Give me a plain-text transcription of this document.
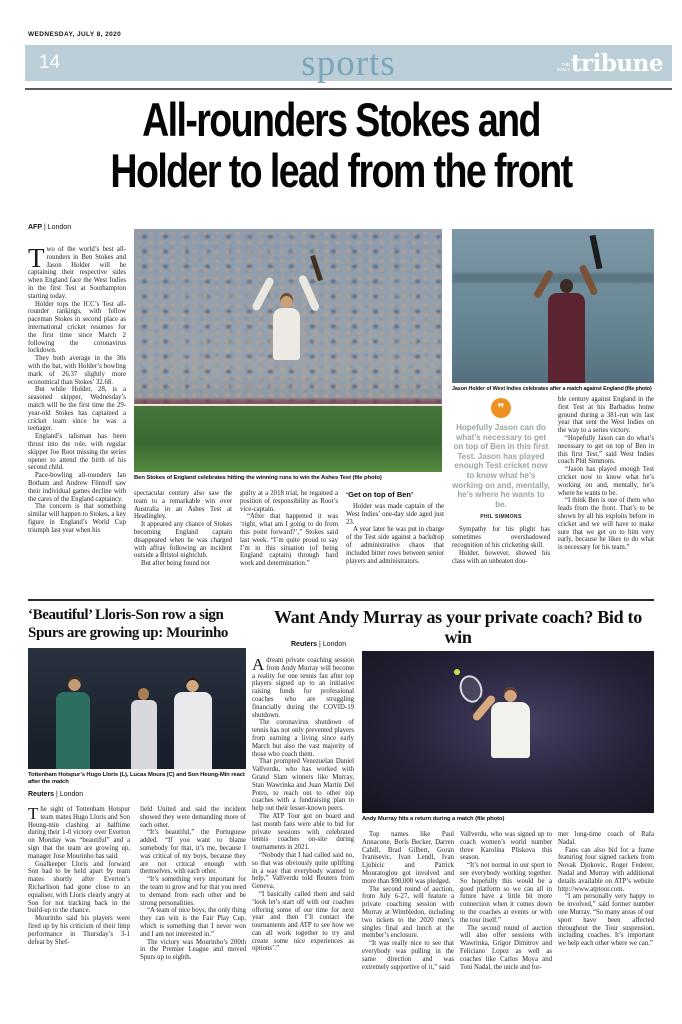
WEDNESDAY, JULY 8, 2020
14	sports	THE
DAILY tribune
All-rounders Stokes and
Holder to lead from the front
AFP | London

Two of the world’s best all-rounders in Ben Stokes and Jason Holder will be captaining their respective sides when England face the West Indies in the first Test at Southampton starting today.

Holder tops the ICC’s Test all-rounder rankings, with fellow paceman Stokes in second place as international cricket resumes for the first time since March 2 following the coronavirus lockdown.

They both average in the 30s with the bat, with Holder’s bowling mark of 26.37 slightly more economical than Stokes’ 32.68.

But while Holder, 28, is a seasoned skipper, Wednesday’s match will be the first time the 29-year-old Stokes has captained a cricket team since he was a teenager.

England’s talisman has been thrust into the role, with regular skipper Joe Root missing the series opener to attend the birth of his second child.

Pace-bowling all-rounders Ian Botham and Andrew Flintoff saw their individual games decline with the cares of the England captaincy.

The concern is that something similar will happen to Stokes, a key figure in England’s World Cup triumph last year when his

Ben Stokes of England celebrates hitting the winning runs to win the Ashes Test (file photo)

spectacular century also saw the team to a remarkable win over Australia in an Ashes Test at Headingley.

It appeared any chance of Stokes becoming England captain disappeared when he was charged with affray following an incident outside a Bristol nightclub.

But after being found not

guilty at a 2018 trial, he regained a position of responsibility as Root’s vice-captain.

“After that happened it was ‘right, what am I going to do from this point forward?’,” Stokes said last week. “I’m quite proud to say I’m in this situation (of being England captain) through hard work and determination.”

‘Get on top of Ben’

Holder was made captain of the West Indies’ one-day side aged just 23.

A year later he was put in charge of the Test side against a backdrop of administrative chaos that included bitter rows between senior players and administrators.

Jason Holder of West Indies celebrates after a match against England (file photo)
❞
Hopefully Jason can do what’s necessary to get on top of Ben in this first Test. Jason has played enough Test cricket now to know what he’s working on and, mentally, he’s where he wants to be.
PHIL SIMMONS

Sympathy for his plight has sometimes overshadowed recognition of his cricketing skill.

Holder, however, showed his class with an unbeaten dou-

ble century against England in the first Test at his Barbados home ground during a 381-run win last year that sent the West Indies on the way to a series victory.

“Hopefully Jason can do what’s necessary to get on top of Ben in this first Test,” said West Indies coach Phil Simmons.

“Jason has played enough Test cricket now to know what he’s working on and, mentally, he’s where he wants to be.

“I think Ben is one of them who leads from the front. That’s to be shown by all his exploits before in cricket and we will have to make sure that we get on to him very early, because he likes to do what is necessary for his team.”

‘Beautiful’ Lloris-Son row a sign Spurs are growing up: Mourinho
Tottenham Hotspur’s Hugo Lloris (L), Lucas Moura (C) and Son Heung-Min react after the match
Reuters | London

The sight of Tottenham Hotspur team mates Hugo Lloris and Son Heung-min clashing at halftime during their 1-0 victory over Everton on Monday was “beautiful” and a sign that the team are growing up, manager Jose Mourinho has said.

Goalkeeper Lloris and forward Son had to be held apart by team mates shortly after Everton’s Richarlison had gone close to an equaliser, with Lloris clearly angry at Son for not tracking back in the build-up to the chance.

Mourinho said his players were fired up by his criticism of their limp performance in Thursday’s 3-1 defeat by Shef-

field United and said the incident showed they were demanding more of each other.

“It’s beautiful,” the Portuguese added. “If you want to blame somebody for that, it’s me, because I was critical of my boys, because they are not critical enough with themselves, with each other.

“It’s something very important for the team to grow and for that you need to demand from each other and be strong personalities.

“A team of nice boys, the only thing they can win is the Fair Play Cup, which is something that I never won and I am not interested in.”

The victory was Mourinho’s 200th in the Premier League and moved Spurs up to eighth.

Want Andy Murray as your private coach? Bid to win
Reuters | London

Adream private coaching session from Andy Murray will become a reality for one tennis fan after top players signed up to an initiative raising funds for professional coaches who are struggling financially during the COVID-19 shutdown.

The coronavirus shutdown of tennis has not only prevented players from earning a living since early March but also the vast majority of those who coach them.

That prompted Venezuelan Daniel Vallverdu, who has worked with Grand Slam winners like Murray, Stan Wawrinka and Juan Martin Del Potro, to reach out to other top coaches with a fundraising plan to help out their lesser-known peers.

The ATP Tour got on board and last month fans were able to bid for private sessions with celebrated tennis coaches on-site during tournaments in 2021.

“Nobody that I had called said no, so that was obviously quite uplifting in a way that everybody wanted to help,” Vallverdu told Reuters from Geneva.

“I basically called them and said ‘look let’s start off with our coaches offering some of our time for next year and then I’ll contact the tournaments and ATP to see how we can all work together to try and create some nice experiences as options’.”

Andy Murray hits a return during a match (file photo)

Top names like Paul Annacone, Boris Becker, Darren Cahill, Brad Gilbert, Goran Ivanisevic, Ivan Lendl, Ivan Ljubicic and Patrick Mouratoglou got involved and more than $90,000 was pledged.

The second round of auction, from July 6-27, will feature a private coaching session with Murray at Wimbledon, including two tickets to the 2020 men’s singles final and lunch at the member’s enclosure.

“It was really nice to see that everybody was pulling in the same direction and was extremely supportive of it,” said

Vallverdu, who was signed up to coach women’s world number three Karolina Pliskova this season.

“It’s not normal in our sport to see everybody working together. So hopefully this would be a good platform so we can all in future have a little bit more connection when it comes down to the coaches at events or with the tour itself.”

The second round of auction will also offer sessions with Wawrinka, Grigor Dimitrov and Feliciano Lopez as well as coaches like Carlos Moya and Toni Nadal, the uncle and for-

mer long-time coach of Rafa Nadal.

Fans can also bid for a frame featuring four signed rackets from Novak Djokovic, Roger Federer, Nadal and Murray with additional details available on ATP’s website http://www.atptour.com.

“I am personally very happy to be involved,” said former number one Murray. “So many areas of our sport have been affected throughout the Tour suspension, including coaches. It’s important we help each other where we can.”
